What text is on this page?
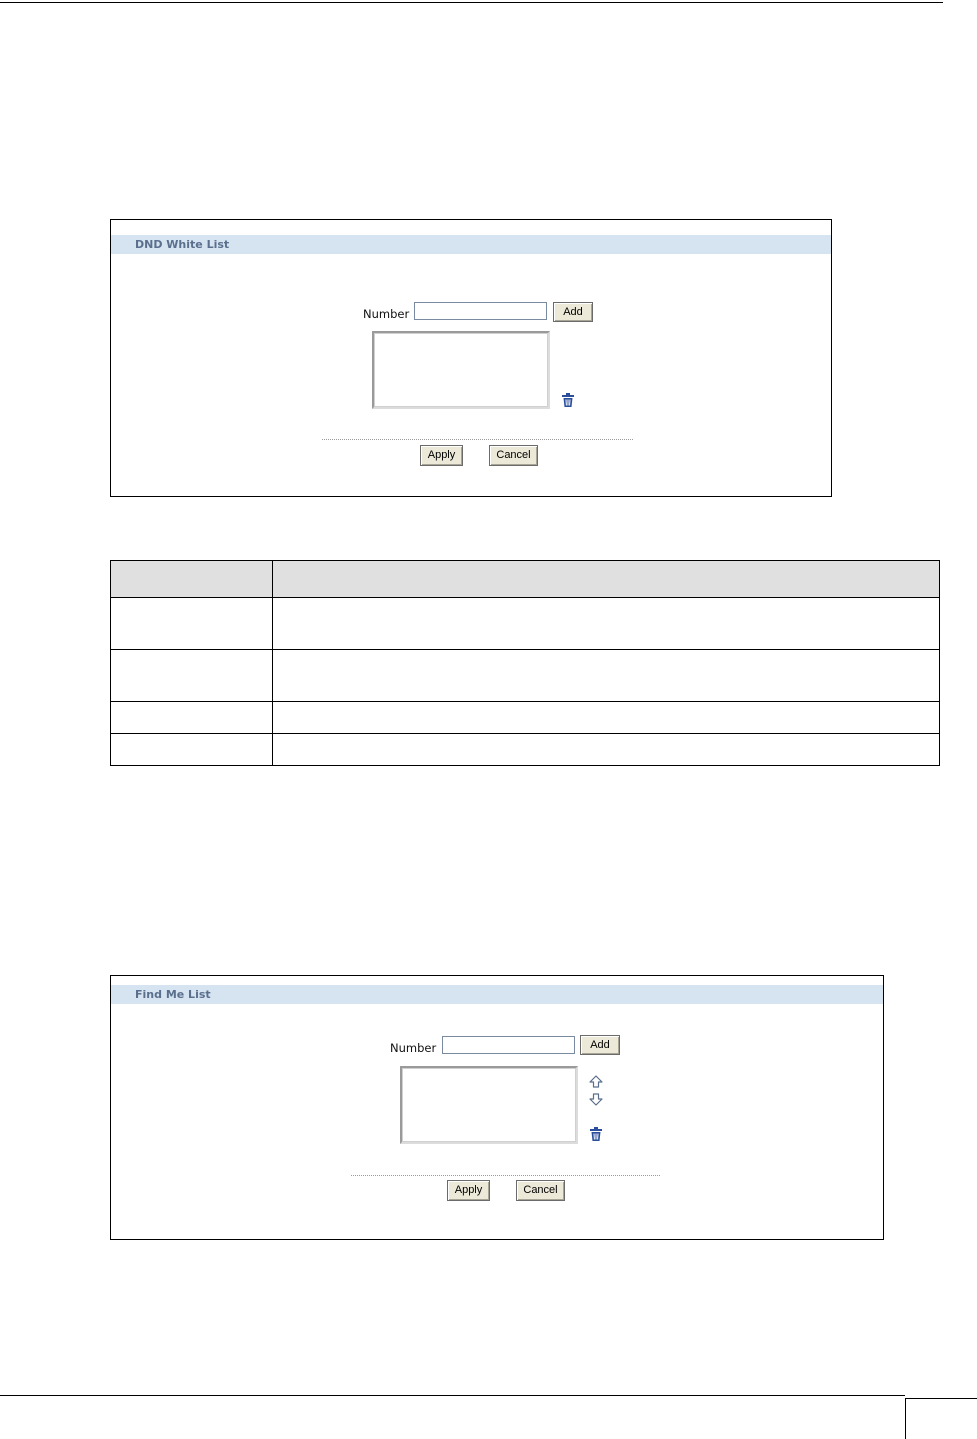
DND White List
Number	Add
Apply	Cancel

Find Me List
Number	Add
Apply	Cancel
